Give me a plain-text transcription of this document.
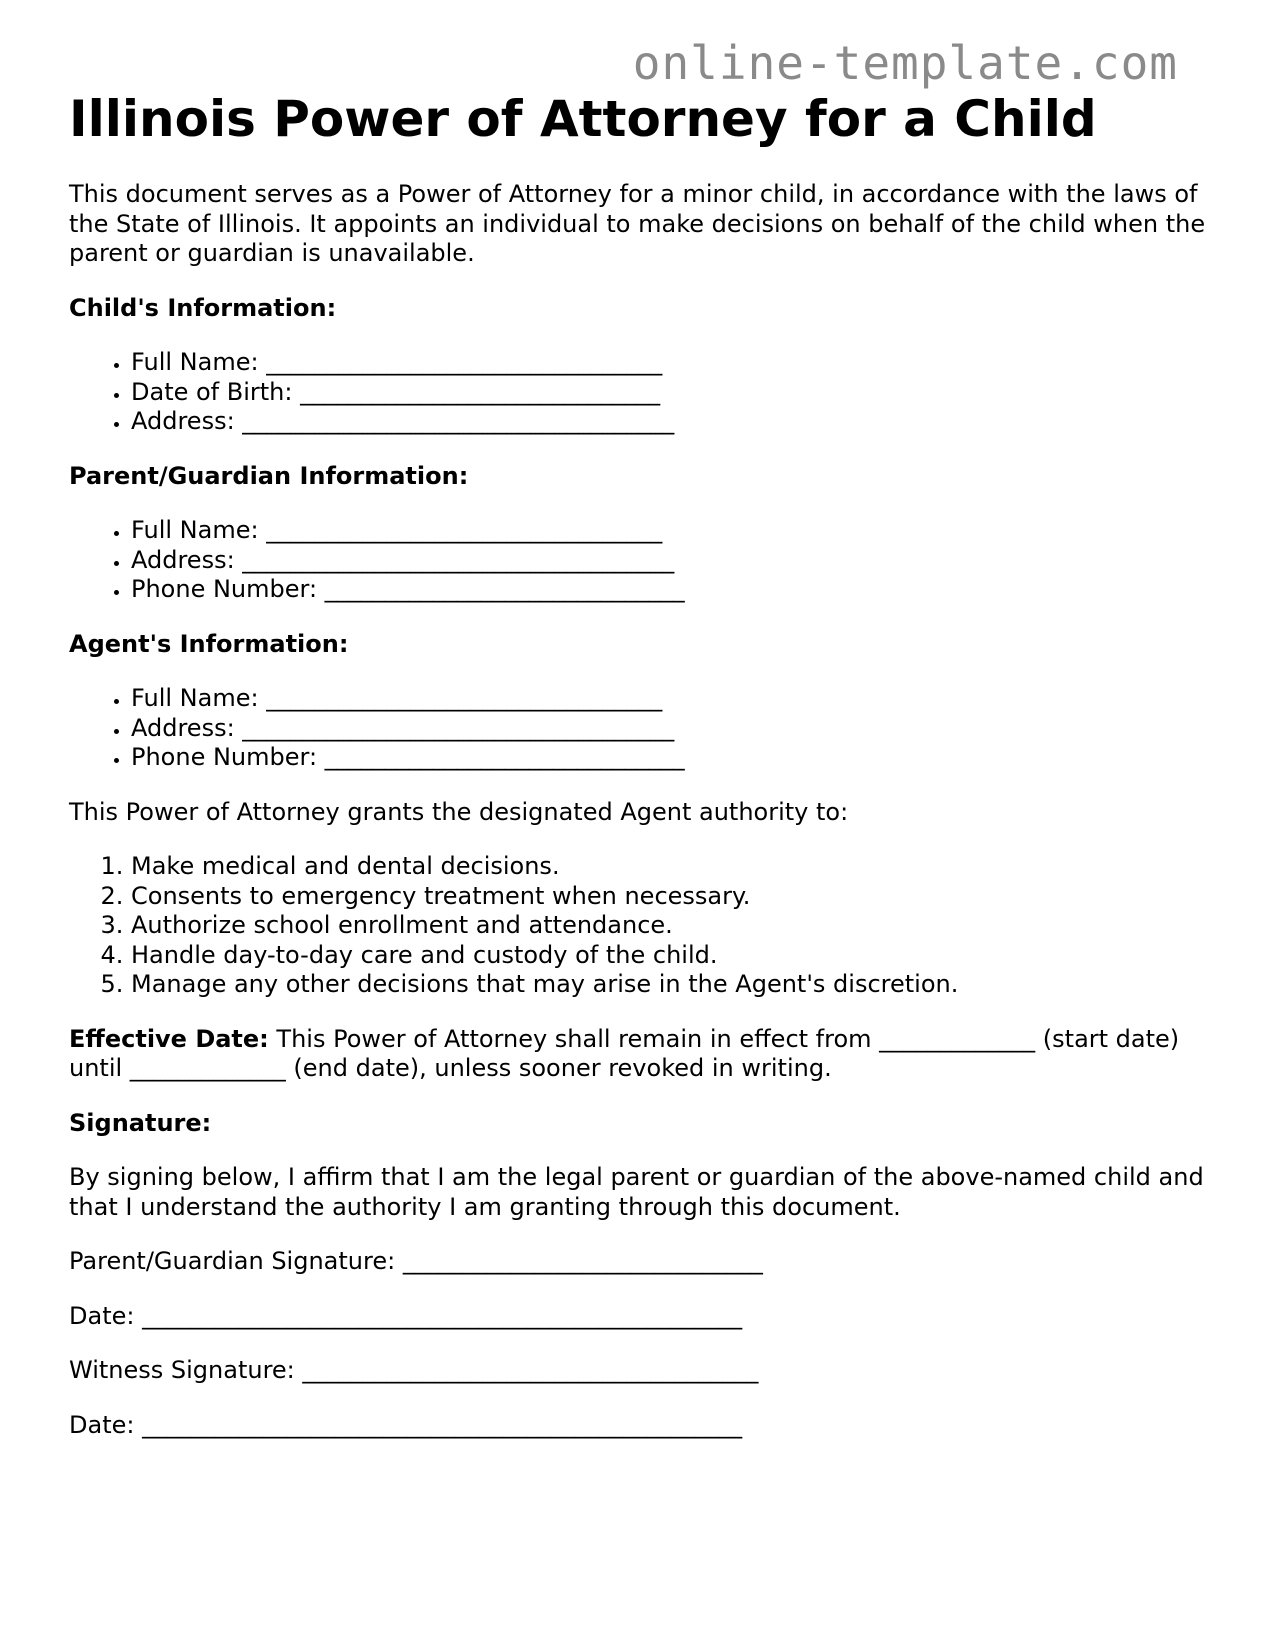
online-template.com
Illinois Power of Attorney for a Child

This document serves as a Power of Attorney for a minor child, in accordance with the laws of the State of Illinois. It appoints an individual to make decisions on behalf of the child when the parent or guardian is unavailable.

Child's Information:

• Full Name: _________________________________
• Date of Birth: ______________________________
• Address: ____________________________________

Parent/Guardian Information:

• Full Name: _________________________________
• Address: ____________________________________
• Phone Number: ______________________________

Agent's Information:

• Full Name: _________________________________
• Address: ____________________________________
• Phone Number: ______________________________

This Power of Attorney grants the designated Agent authority to:

1. Make medical and dental decisions.
2. Consents to emergency treatment when necessary.
3. Authorize school enrollment and attendance.
4. Handle day-to-day care and custody of the child.
5. Manage any other decisions that may arise in the Agent's discretion.

Effective Date: This Power of Attorney shall remain in effect from _____________ (start date) until _____________ (end date), unless sooner revoked in writing.

Signature:

By signing below, I affirm that I am the legal parent or guardian of the above-named child and that I understand the authority I am granting through this document.

Parent/Guardian Signature: ______________________________

Date: __________________________________________________

Witness Signature: ______________________________________

Date: __________________________________________________
